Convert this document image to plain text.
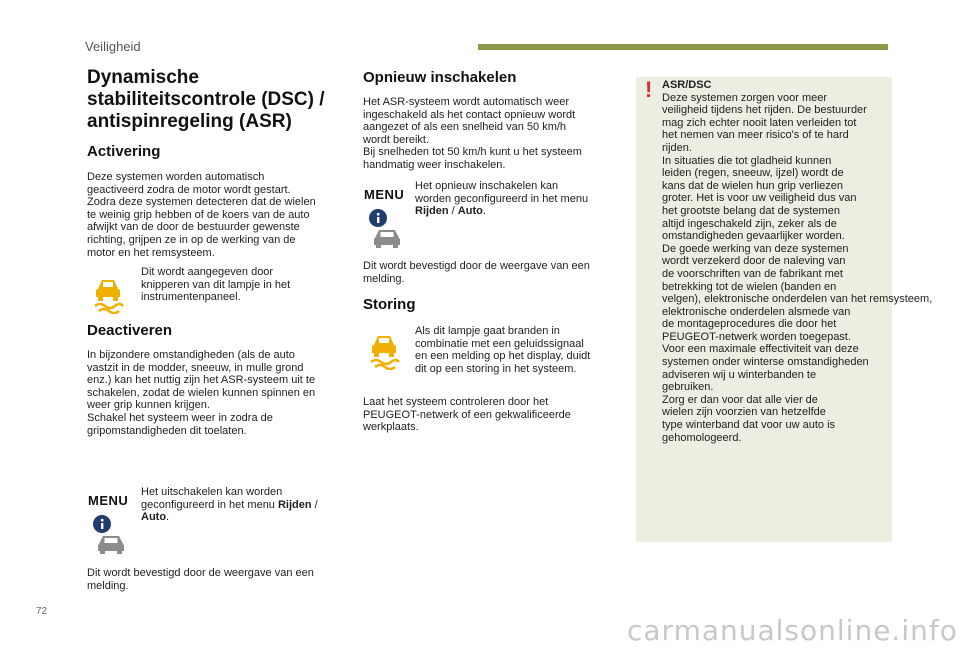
Veiligheid
Dynamische
stabiliteitscontrole (DSC) /
antispinregeling (ASR)
Activering
Deze systemen worden automatisch
geactiveerd zodra de motor wordt gestart.
Zodra deze systemen detecteren dat de wielen
te weinig grip hebben of de koers van de auto
afwijkt van de door de bestuurder gewenste
richting, grijpen ze in op de werking van de
motor en het remsysteem.
Dit wordt aangegeven door
knipperen van dit lampje in het
instrumentenpaneel.
Deactiveren
In bijzondere omstandigheden (als de auto
vastzit in de modder, sneeuw, in mulle grond
enz.) kan het nuttig zijn het ASR-systeem uit te
schakelen, zodat de wielen kunnen spinnen en
weer grip kunnen krijgen.
Schakel het systeem weer in zodra de
gripomstandigheden dit toelaten.
MENU
Het uitschakelen kan worden
geconfigureerd in het menu Rijden /
Auto.
Dit wordt bevestigd door de weergave van een
melding.
Opnieuw inschakelen
Het ASR-systeem wordt automatisch weer
ingeschakeld als het contact opnieuw wordt
aangezet of als een snelheid van 50 km/h
wordt bereikt.
Bij snelheden tot 50 km/h kunt u het systeem
handmatig weer inschakelen.
MENU
Het opnieuw inschakelen kan
worden geconfigureerd in het menu
Rijden / Auto.
Dit wordt bevestigd door de weergave van een
melding.
Storing
Als dit lampje gaat branden in
combinatie met een geluidssignaal
en een melding op het display, duidt
dit op een storing in het systeem.
Laat het systeem controleren door het
PEUGEOT-netwerk of een gekwalificeerde
werkplaats.
! ASR/DSC
Deze systemen zorgen voor meer
veiligheid tijdens het rijden. De bestuurder
mag zich echter nooit laten verleiden tot
het nemen van meer risico's of te hard
rijden.
In situaties die tot gladheid kunnen
leiden (regen, sneeuw, ijzel) wordt de
kans dat de wielen hun grip verliezen
groter. Het is voor uw veiligheid dus van
het grootste belang dat de systemen
altijd ingeschakeld zijn, zeker als de
omstandigheden gevaarlijker worden.
De goede werking van deze systemen
wordt verzekerd door de naleving van
de voorschriften van de fabrikant met
betrekking tot de wielen (banden en
velgen), elektronische onderdelen van het remsysteem,
elektronische onderdelen alsmede van
de montageprocedures die door het
PEUGEOT-netwerk worden toegepast.
Voor een maximale effectiviteit van deze
systemen onder winterse omstandigheden
adviseren wij u winterbanden te
gebruiken.
Zorg er dan voor dat alle vier de
wielen zijn voorzien van hetzelfde
type winterband dat voor uw auto is
gehomologeerd.
72
carmanualsonline.info
